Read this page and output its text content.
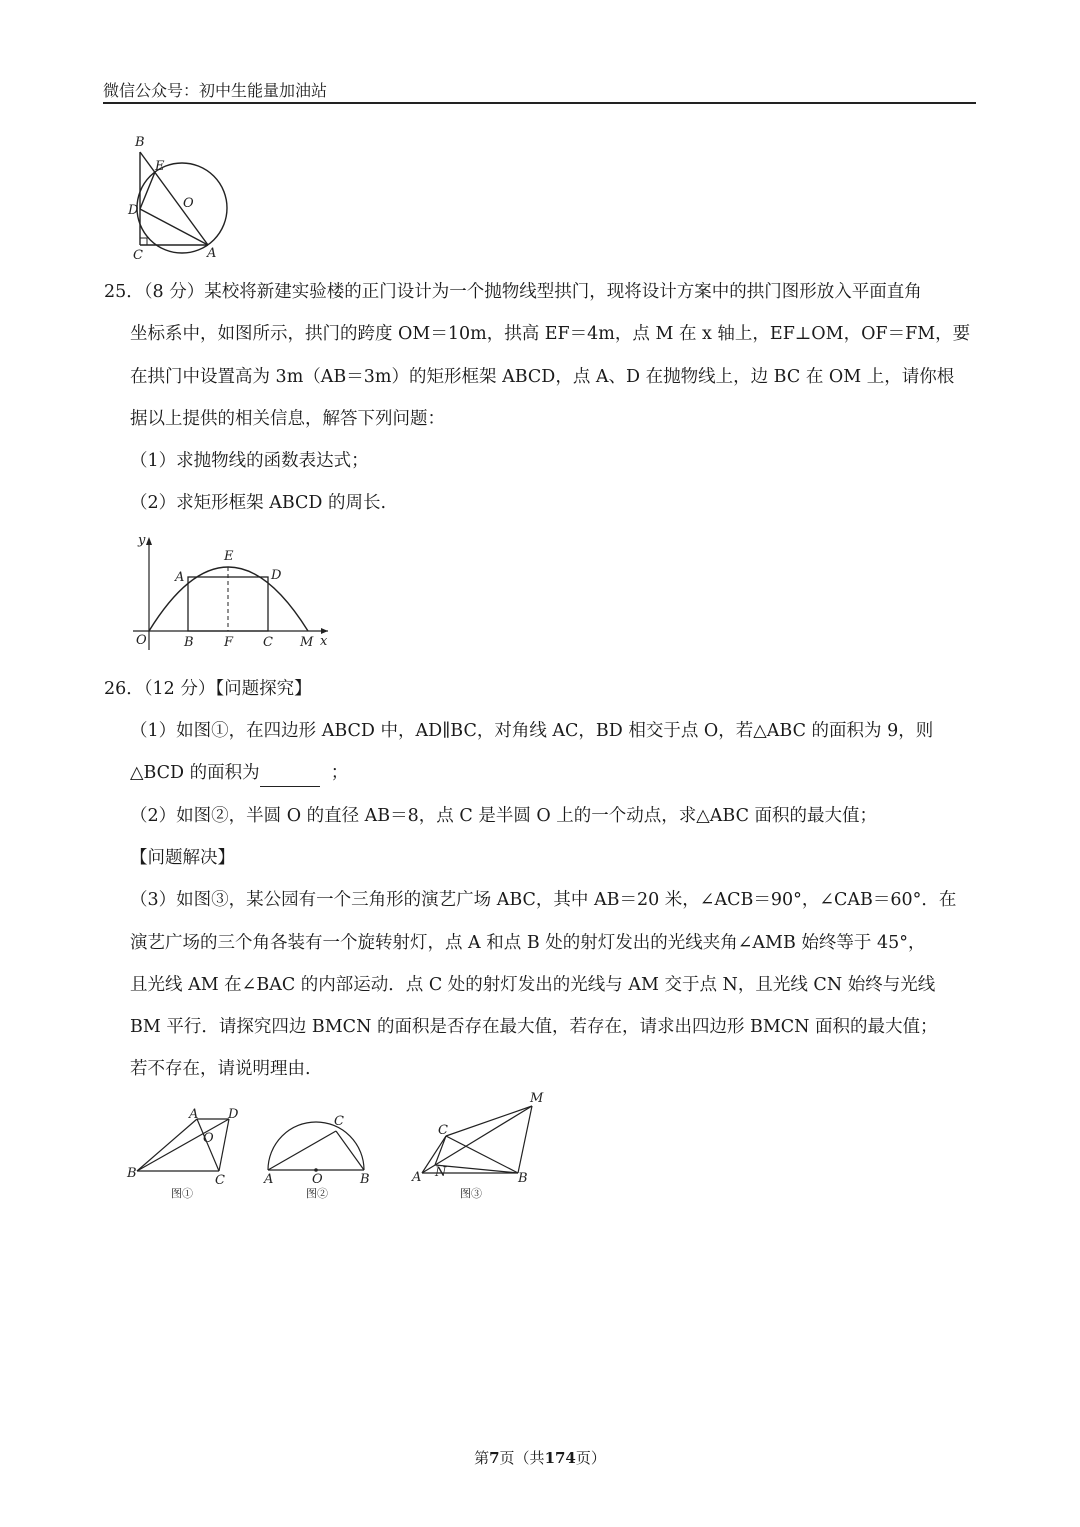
微信公众号：初中生能量加油站
B
E
O
D
C	A
25．（8 分）某校将新建实验楼的正门设计为一个抛物线型拱门，现将设计方案中的拱门图形放入平面直角
坐标系中，如图所示，拱门的跨度 OM＝10m，拱高 EF＝4m，点 M 在 x 轴上，EF⊥OM，OF＝FM，要
在拱门中设置高为 3m（AB＝3m）的矩形框架 ABCD，点 A、D 在抛物线上，边 BC 在 OM 上，请你根
据以上提供的相关信息，解答下列问题：
（1）求抛物线的函数表达式；
（2）求矩形框架 ABCD 的周长.
y
E
A	D
O	B F C M x
26．（12 分）【问题探究】
（1）如图①，在四边形 ABCD 中，AD∥BC，对角线 AC，BD 相交于点 O，若△ABC 的面积为 9，则
△BCD 的面积为	；
（2）如图②，半圆 O 的直径 AB＝8，点 C 是半圆 O 上的一个动点，求△ABC 面积的最大值；
【问题解决】
（3）如图③，某公园有一个三角形的演艺广场 ABC，其中 AB＝20 米，∠ACB＝90°，∠CAB＝60°．在
演艺广场的三个角各装有一个旋转射灯，点 A 和点 B 处的射灯发出的光线夹角∠AMB 始终等于 45°，
且光线 AM 在∠BAC 的内部运动．点 C 处的射灯发出的光线与 AM 交于点 N，且光线 CN 始终与光线
BM 平行．请探究四边 BMCN 的面积是否存在最大值，若存在，请求出四边形 BMCN 面积的最大值；
若不存在，请说明理由.
A D
O
B	C
图①
C
A	O	B
图②
M
C
A N	B
图③
第7页（共174页）
